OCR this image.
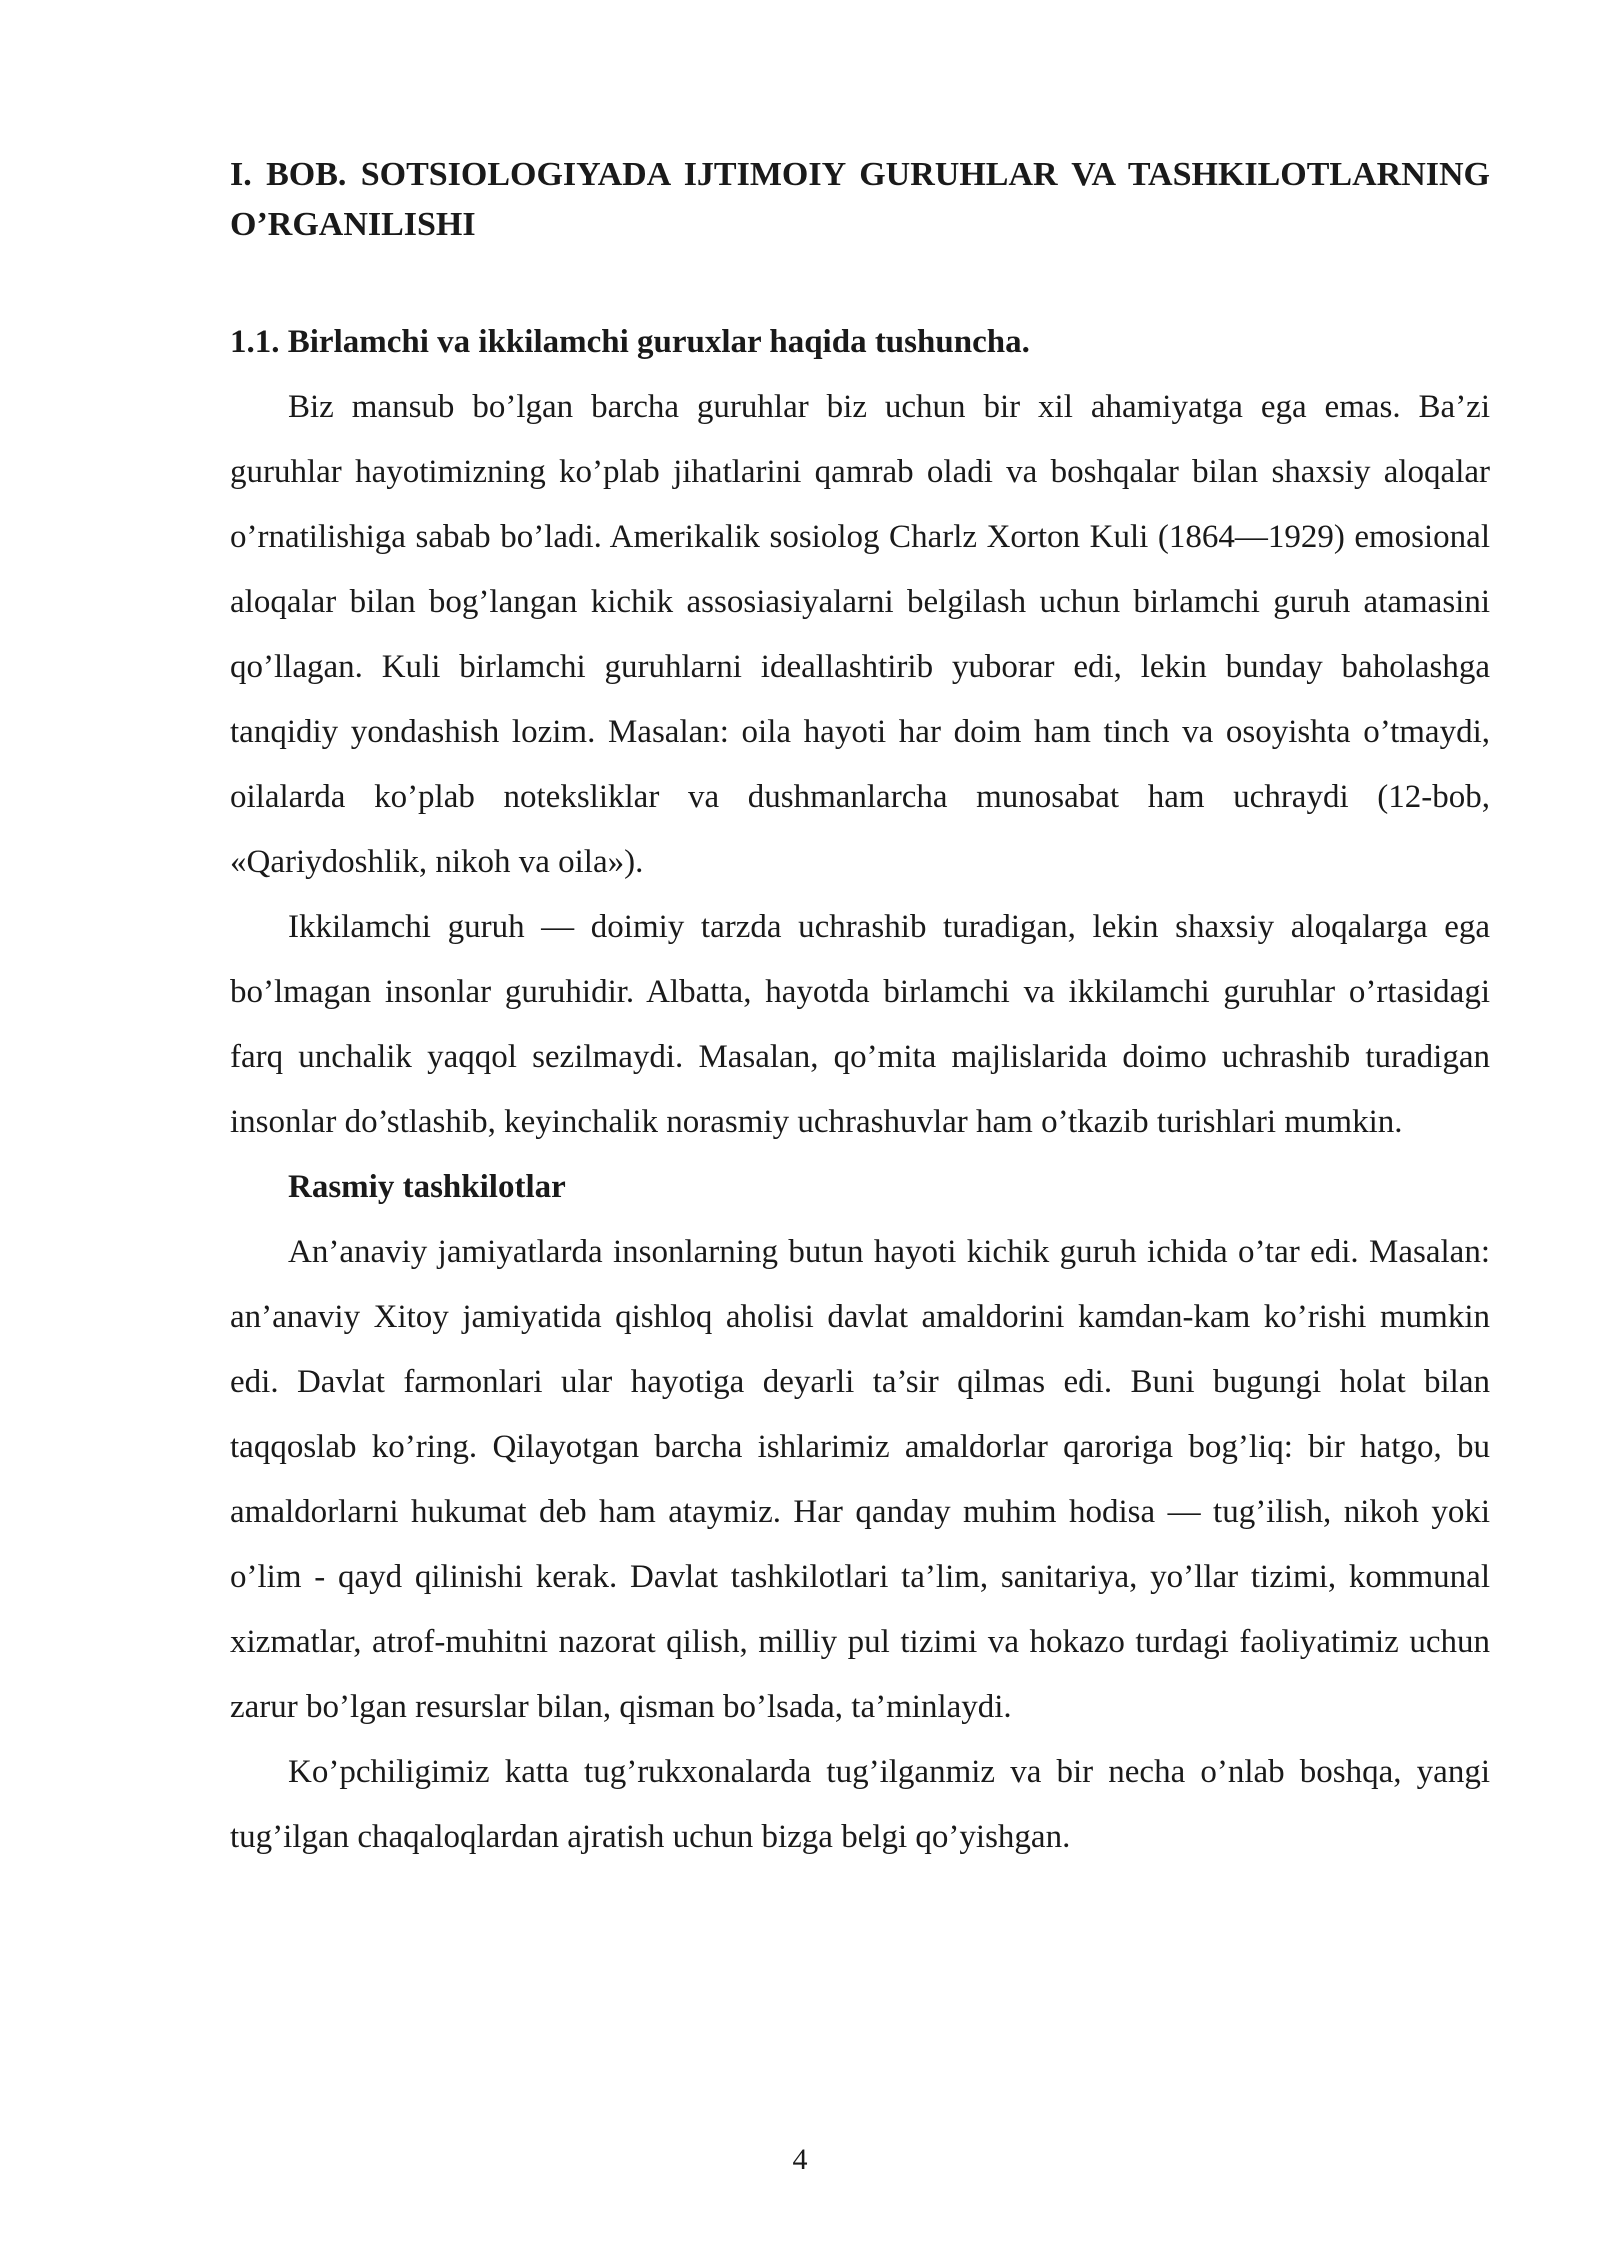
I. BOB. SOTSIOLOGIYADA IJTIMOIY GURUHLAR VA TASHKILOTLARNING O’RGANILISHI
1.1. Birlamchi va ikkilamchi guruxlar haqida tushuncha.

Biz mansub bo’lgan barcha guruhlar biz uchun bir xil ahamiyatga ega emas. Ba’zi guruhlar hayotimizning ko’plab jihatlarini qamrab oladi va boshqalar bilan shaxsiy aloqalar o’rnatilishiga sabab bo’ladi. Amerikalik sosiolog Charlz Xorton Kuli (1864—1929) emosional aloqalar bilan bog’langan kichik assosiasiyalarni belgilash uchun birlamchi guruh atamasini qo’llagan. Kuli birlamchi guruhlarni ideallashtirib yuborar edi, lekin bunday baholashga tanqidiy yondashish lozim. Masalan: oila hayoti har doim ham tinch va osoyishta o’tmaydi, oilalarda ko’plab noteksliklar va dushmanlarcha munosabat ham uchraydi (12-bob, «Qariydoshlik, nikoh va oila»).

Ikkilamchi guruh — doimiy tarzda uchrashib turadigan, lekin shaxsiy aloqalarga ega bo’lmagan insonlar guruhidir. Albatta, hayotda birlamchi va ikkilamchi guruhlar o’rtasidagi farq unchalik yaqqol sezilmaydi. Masalan, qo’mita majlislarida doimo uchrashib turadigan insonlar do’stlashib, keyinchalik norasmiy uchrashuvlar ham o’tkazib turishlari mumkin.

Rasmiy tashkilotlar

An’anaviy jamiyatlarda insonlarning butun hayoti kichik guruh ichida o’tar edi. Masalan: an’anaviy Xitoy jamiyatida qishloq aholisi davlat amaldorini kamdan-kam ko’rishi mumkin edi. Davlat farmonlari ular hayotiga deyarli ta’sir qilmas edi. Buni bugungi holat bilan taqqoslab ko’ring. Qilayotgan barcha ishlarimiz amaldorlar qaroriga bog’liq: bir hatgo, bu amaldorlarni hukumat deb ham ataymiz. Har qanday muhim hodisa — tug’ilish, nikoh yoki o’lim - qayd qilinishi kerak. Davlat tashkilotlari ta’lim, sanitariya, yo’llar tizimi, kommunal xizmatlar, atrof-muhitni nazorat qilish, milliy pul tizimi va hokazo turdagi faoliyatimiz uchun zarur bo’lgan resurslar bilan, qisman bo’lsada, ta’minlaydi.

Ko’pchiligimiz katta tug’rukxonalarda tug’ilganmiz va bir necha o’nlab boshqa, yangi tug’ilgan chaqaloqlardan ajratish uchun bizga belgi qo’yishgan.

4
